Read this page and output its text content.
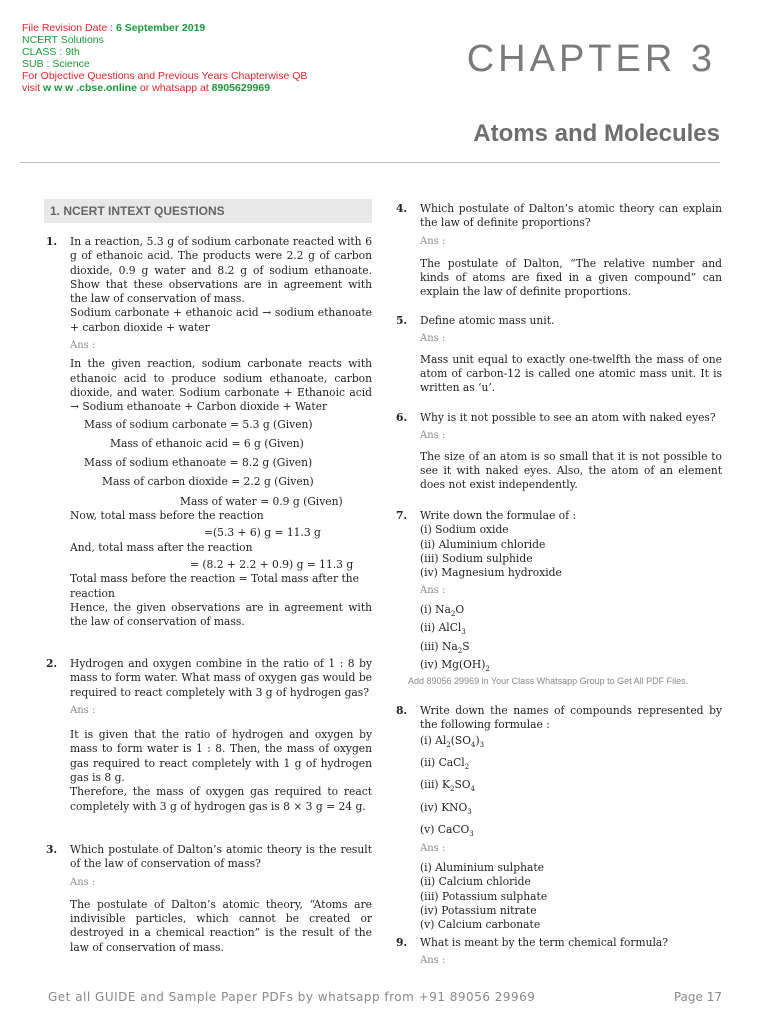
File Revision Date : 6 September 2019
NCERT Solutions
CLASS : 9th
SUB : Science
For Objective Questions and Previous Years Chapterwise QB
visit w w w .cbse.online or whatsapp at 8905629969
CHAPTER 3
Atoms and Molecules
1. NCERT INTEXT QUESTIONS
1. In a reaction, 5.3 g of sodium carbonate reacted with 6 g of ethanoic acid. The products were 2.2 g of carbon dioxide, 0.9 g water and 8.2 g of sodium ethanoate. Show that these observations are in agreement with the law of conservation of mass.

Sodium carbonate + ethanoic acid → sodium ethanoate + carbon dioxide + water

Ans :

In the given reaction, sodium carbonate reacts with ethanoic acid to produce sodium ethanoate, carbon dioxide, and water. Sodium carbonate + Ethanoic acid → Sodium ethanoate + Carbon dioxide + Water

Mass of sodium carbonate = 5.3 g (Given)

Mass of ethanoic acid = 6 g (Given)

Mass of sodium ethanoate = 8.2 g (Given)

Mass of carbon dioxide = 2.2 g (Given)

Mass of water = 0.9 g (Given)

Now, total mass before the reaction

=(5.3 + 6) g = 11.3 g

And, total mass after the reaction

= (8.2 + 2.2 + 0.9) g = 11.3 g

Total mass before the reaction = Total mass after the reaction

Hence, the given observations are in agreement with the law of conservation of mass.

2. Hydrogen and oxygen combine in the ratio of 1 : 8 by mass to form water. What mass of oxygen gas would be required to react completely with 3 g of hydrogen gas?

Ans :

It is given that the ratio of hydrogen and oxygen by mass to form water is 1 : 8. Then, the mass of oxygen gas required to react completely with 1 g of hydrogen gas is 8 g.

Therefore, the mass of oxygen gas required to react completely with 3 g of hydrogen gas is 8 × 3 g = 24 g.

3. Which postulate of Dalton’s atomic theory is the result of the law of conservation of mass?

Ans :

The postulate of Dalton’s atomic theory, “Atoms are indivisible particles, which cannot be created or destroyed in a chemical reaction” is the result of the law of conservation of mass.

4. Which postulate of Dalton’s atomic theory can explain the law of definite proportions?

Ans :

The postulate of Dalton, “The relative number and kinds of atoms are fixed in a given compound” can explain the law of definite proportions.

5. Define atomic mass unit.

Ans :

Mass unit equal to exactly one-twelfth the mass of one atom of carbon-12 is called one atomic mass unit. It is written as ‘u’.

6. Why is it not possible to see an atom with naked eyes?

Ans :

The size of an atom is so small that it is not possible to see it with naked eyes. Also, the atom of an element does not exist independently.

7. Write down the formulae of :

(i) Sodium oxide

(ii) Aluminium chloride

(iii) Sodium sulphide

(iv) Magnesium hydroxide

Ans :

(i) $Na_2O$

(ii) AlCl$_3$

(iii) $Na_2S$

(iv) $Mg(OH)_2$

Add 89056 29969 in Your Class Whatsapp Group to Get All PDF Files.
8. Write down the names of compounds represented by the following formulae :

(i) $Al_2(SO_4)_3$

(ii) CaCl$_2$

(iii) $K_2SO_4$

(iv) $KNO_3$

(v) CaCO$_3$

Ans :

(i) Aluminium sulphate

(ii) Calcium chloride

(iii) Potassium sulphate

(iv) Potassium nitrate

(v) Calcium carbonate

9. What is meant by the term chemical formula?

Ans :

Get all GUIDE and Sample Paper PDFs by whatsapp from +91 89056 29969	Page 17
